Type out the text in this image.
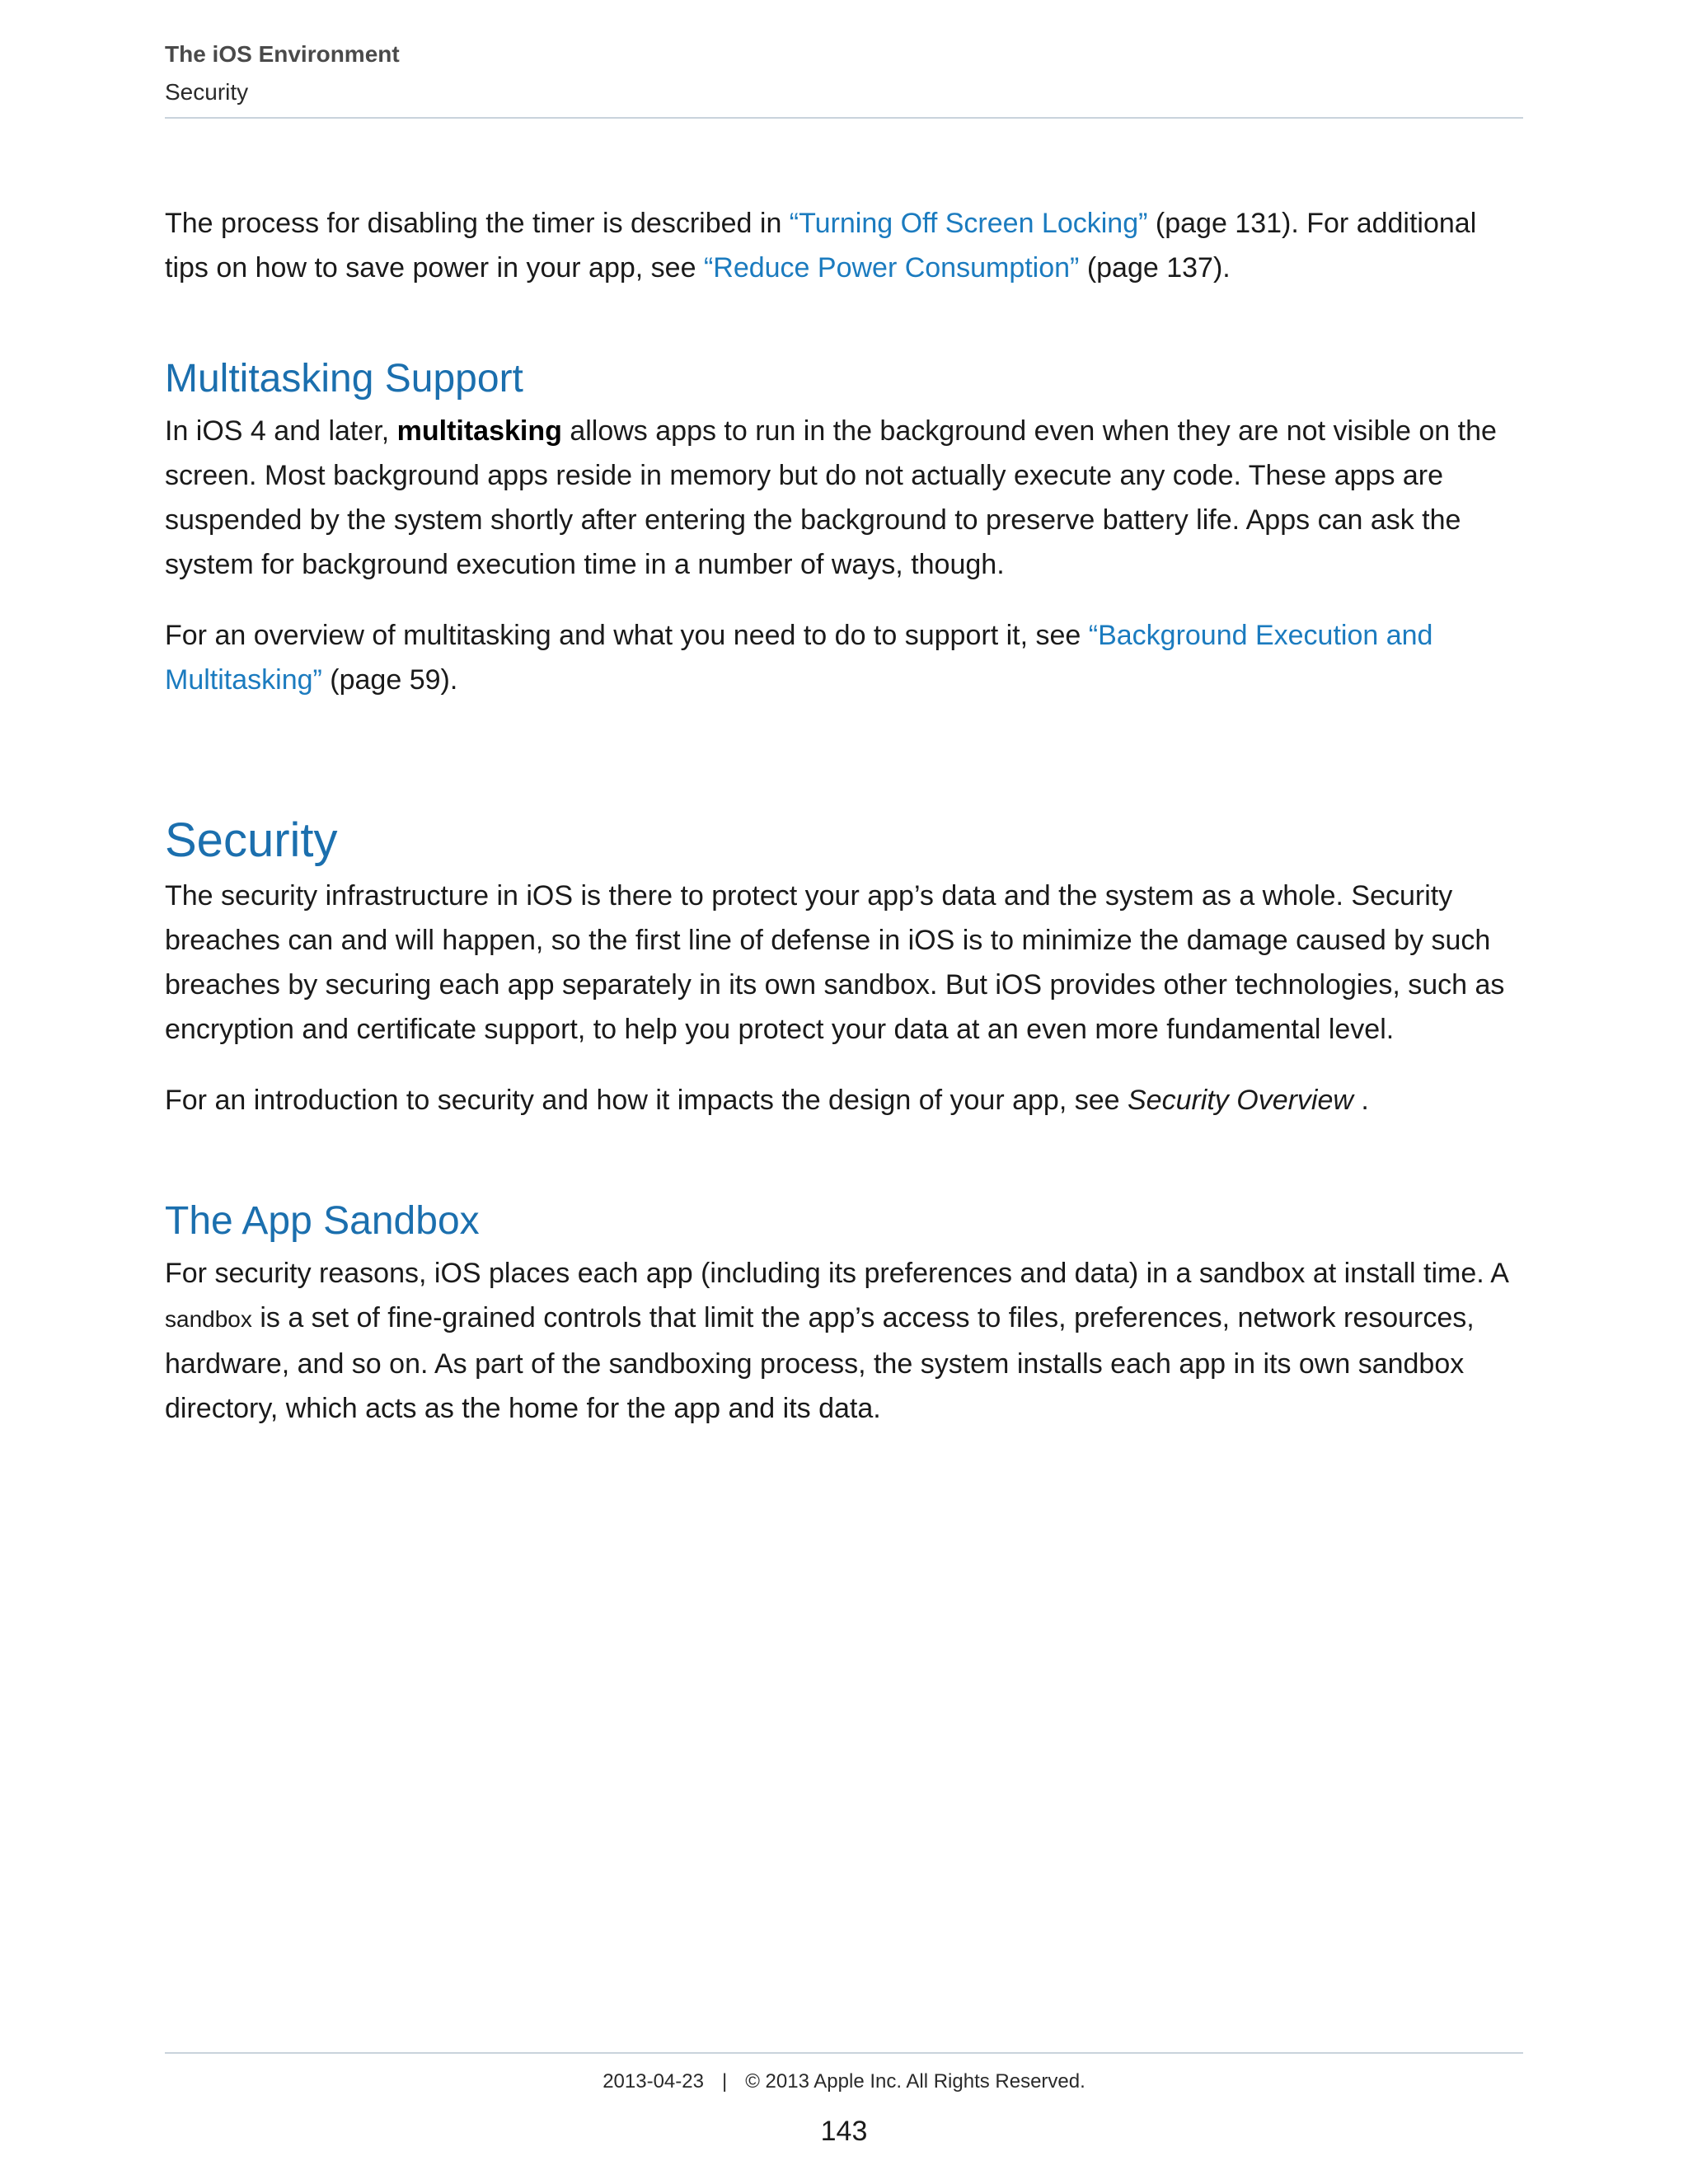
The iOS Environment
Security

The process for disabling the timer is described in “Turning Off Screen Locking” (page 131). For additional tips on how to save power in your app, see “Reduce Power Consumption” (page 137).

Multitasking Support

In iOS 4 and later, multitasking allows apps to run in the background even when they are not visible on the screen. Most background apps reside in memory but do not actually execute any code. These apps are suspended by the system shortly after entering the background to preserve battery life. Apps can ask the system for background execution time in a number of ways, though.

For an overview of multitasking and what you need to do to support it, see “Background Execution and Multitasking” (page 59).

Security

The security infrastructure in iOS is there to protect your app’s data and the system as a whole. Security breaches can and will happen, so the first line of defense in iOS is to minimize the damage caused by such breaches by securing each app separately in its own sandbox. But iOS provides other technologies, such as encryption and certificate support, to help you protect your data at an even more fundamental level.

For an introduction to security and how it impacts the design of your app, see Security Overview .

The App Sandbox

For security reasons, iOS places each app (including its preferences and data) in a sandbox at install time. A sandbox is a set of fine-grained controls that limit the app’s access to files, preferences, network resources, hardware, and so on. As part of the sandboxing process, the system installs each app in its own sandbox directory, which acts as the home for the app and its data.

2013-04-23 | © 2013 Apple Inc. All Rights Reserved.
143
